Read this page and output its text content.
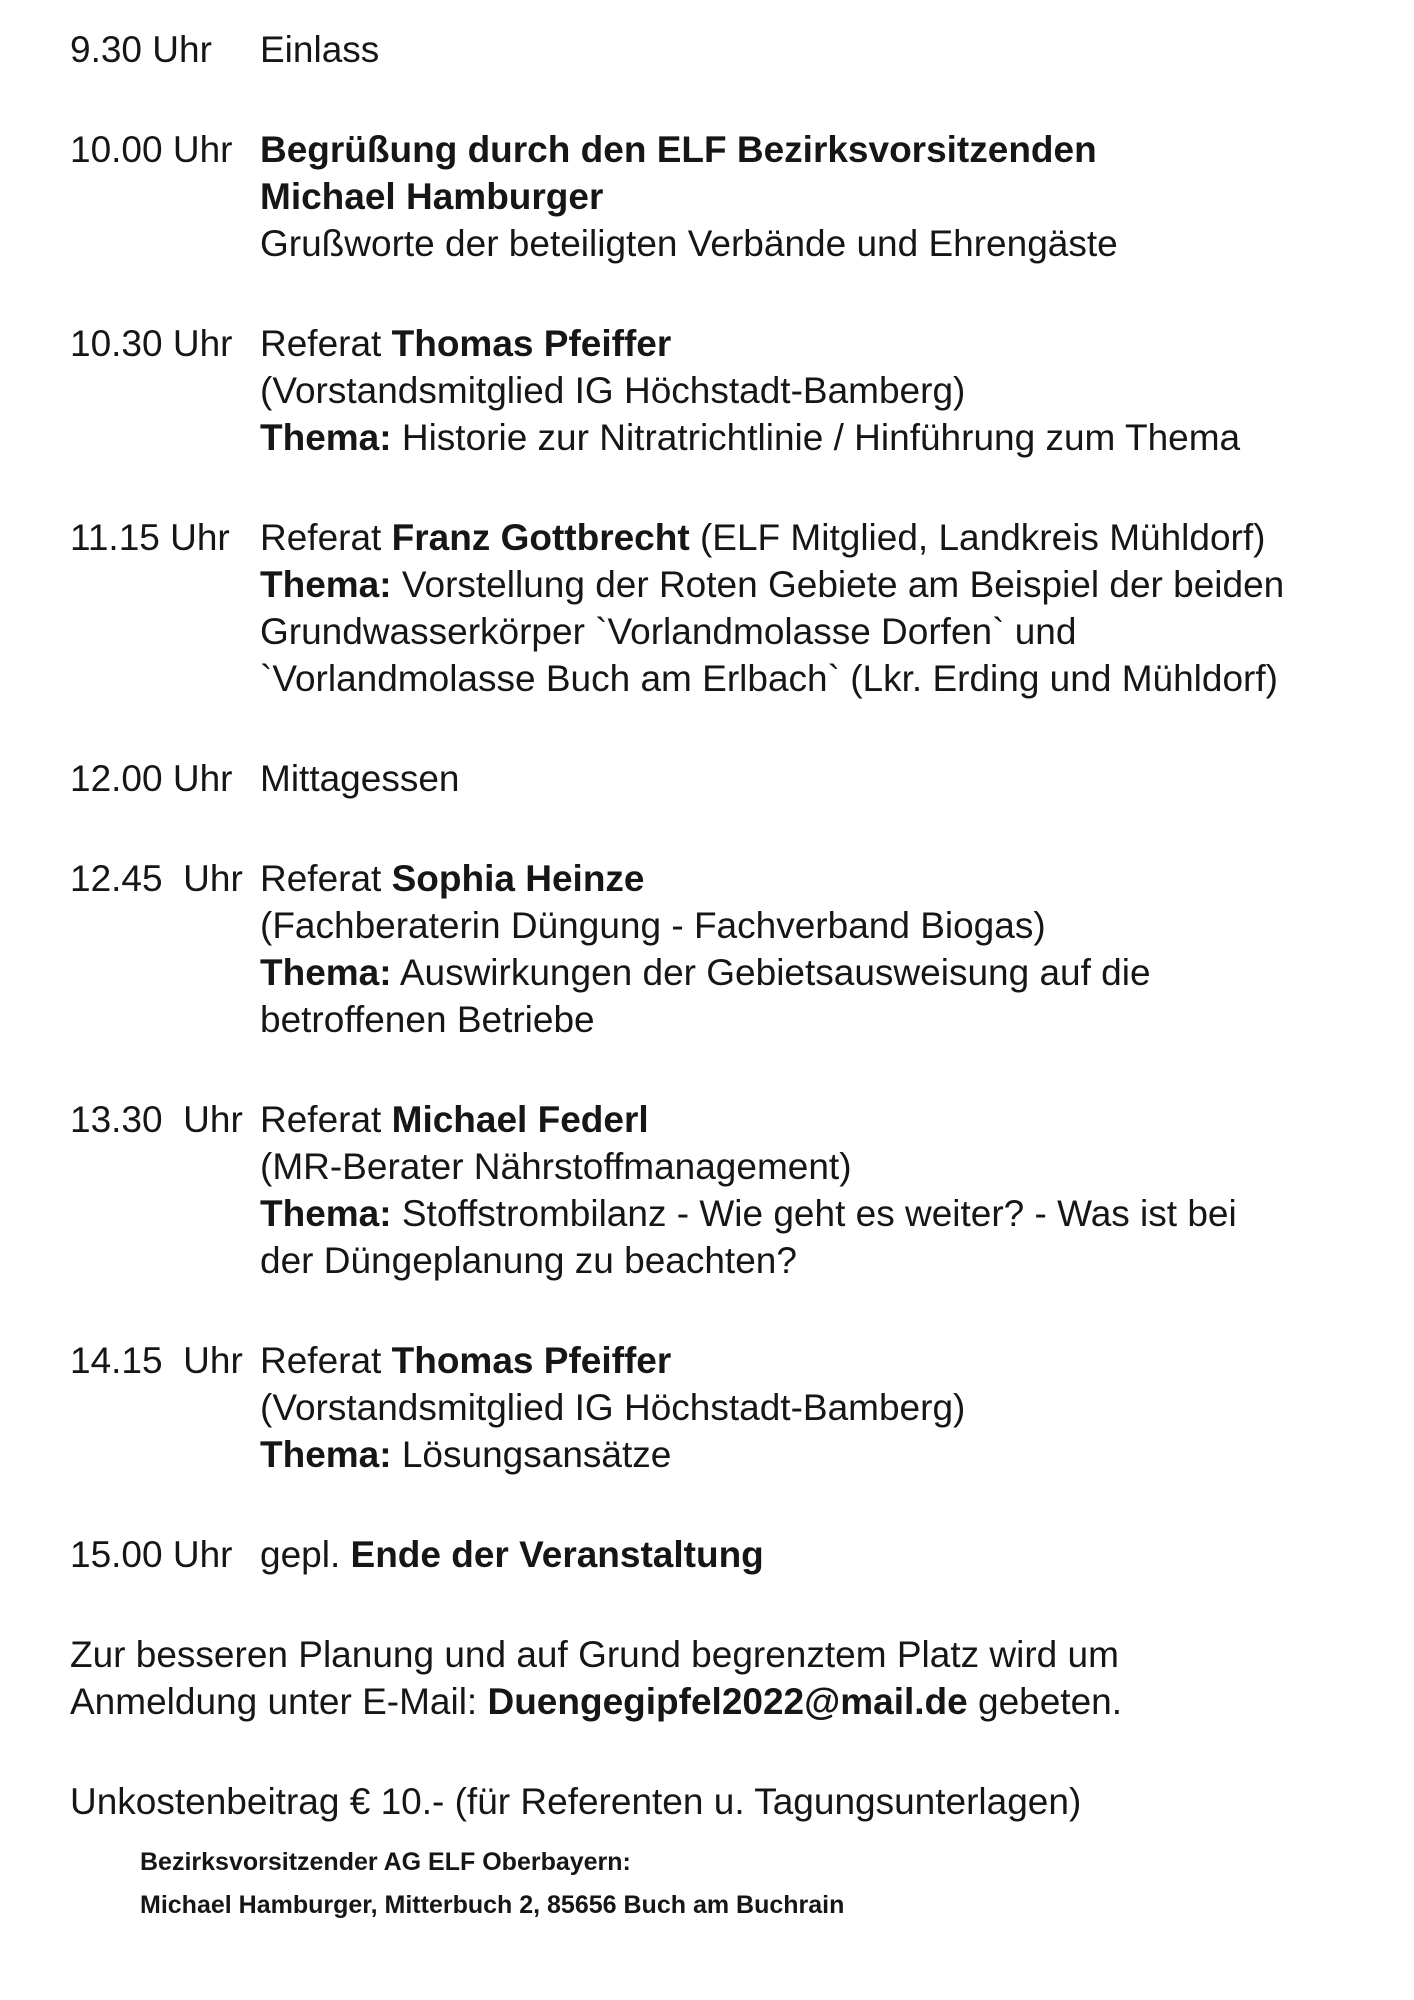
9.30 Uhr	Einlass
10.00 Uhr Begrüßung durch den ELF Bezirksvorsitzenden
Michael Hamburger
Grußworte der beteiligten Verbände und Ehrengäste
10.30 Uhr Referat Thomas Pfeiffer
(Vorstandsmitglied IG Höchstadt-Bamberg)
Thema: Historie zur Nitratrichtlinie / Hinführung zum Thema
11.15 Uhr Referat Franz Gottbrecht (ELF Mitglied, Landkreis Mühldorf)
Thema: Vorstellung der Roten Gebiete am Beispiel der beiden
Grundwasserkörper `Vorlandmolasse Dorfen` und
`Vorlandmolasse Buch am Erlbach` (Lkr. Erding und Mühldorf)
12.00 Uhr Mittagessen
12.45  Uhr Referat Sophia Heinze
(Fachberaterin Düngung - Fachverband Biogas)
Thema: Auswirkungen der Gebietsausweisung auf die
betroffenen Betriebe
13.30  Uhr Referat Michael Federl
(MR-Berater Nährstoffmanagement)
Thema: Stoffstrombilanz - Wie geht es weiter? - Was ist bei
der Düngeplanung zu beachten?
14.15  Uhr Referat Thomas Pfeiffer
(Vorstandsmitglied IG Höchstadt-Bamberg)
Thema: Lösungsansätze
15.00 Uhr gepl. Ende der Veranstaltung
Zur besseren Planung und auf Grund begrenztem Platz wird um
Anmeldung unter E-Mail: Duengegipfel2022@mail.de gebeten.
Unkostenbeitrag € 10.- (für Referenten u. Tagungsunterlagen)
Bezirksvorsitzender AG ELF Oberbayern:
Michael Hamburger, Mitterbuch 2, 85656 Buch am Buchrain
